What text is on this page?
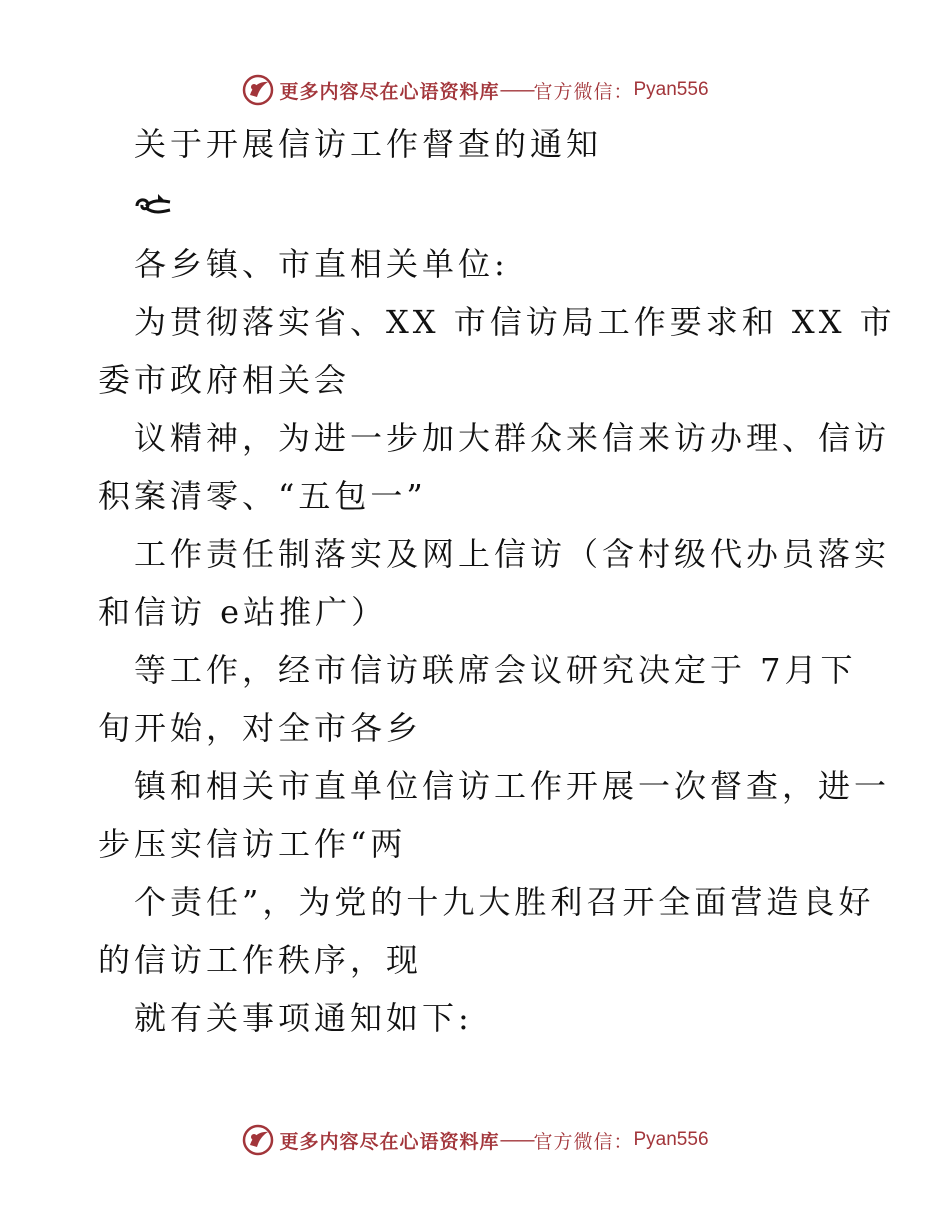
更多内容尽在心语资料库 —— 官方微信： Pyan556
关于开展信访工作督查的通知
各乡镇、市直相关单位:
为贯彻落实省、XX 市信访局工作要求和 XX 市
委市政府相关会
议精神，为进一步加大群众来信来访办理、信访
积案清零、“五包一”
工作责任制落实及网上信访（含村级代办员落实
和信访 e站推广）
等工作，经市信访联席会议研究决定于 7月下
旬开始，对全市各乡
镇和相关市直单位信访工作开展一次督查，进一
步压实信访工作“两
个责任”，为党的十九大胜利召开全面营造良好
的信访工作秩序，现
就有关事项通知如下:
更多内容尽在心语资料库 —— 官方微信： Pyan556
